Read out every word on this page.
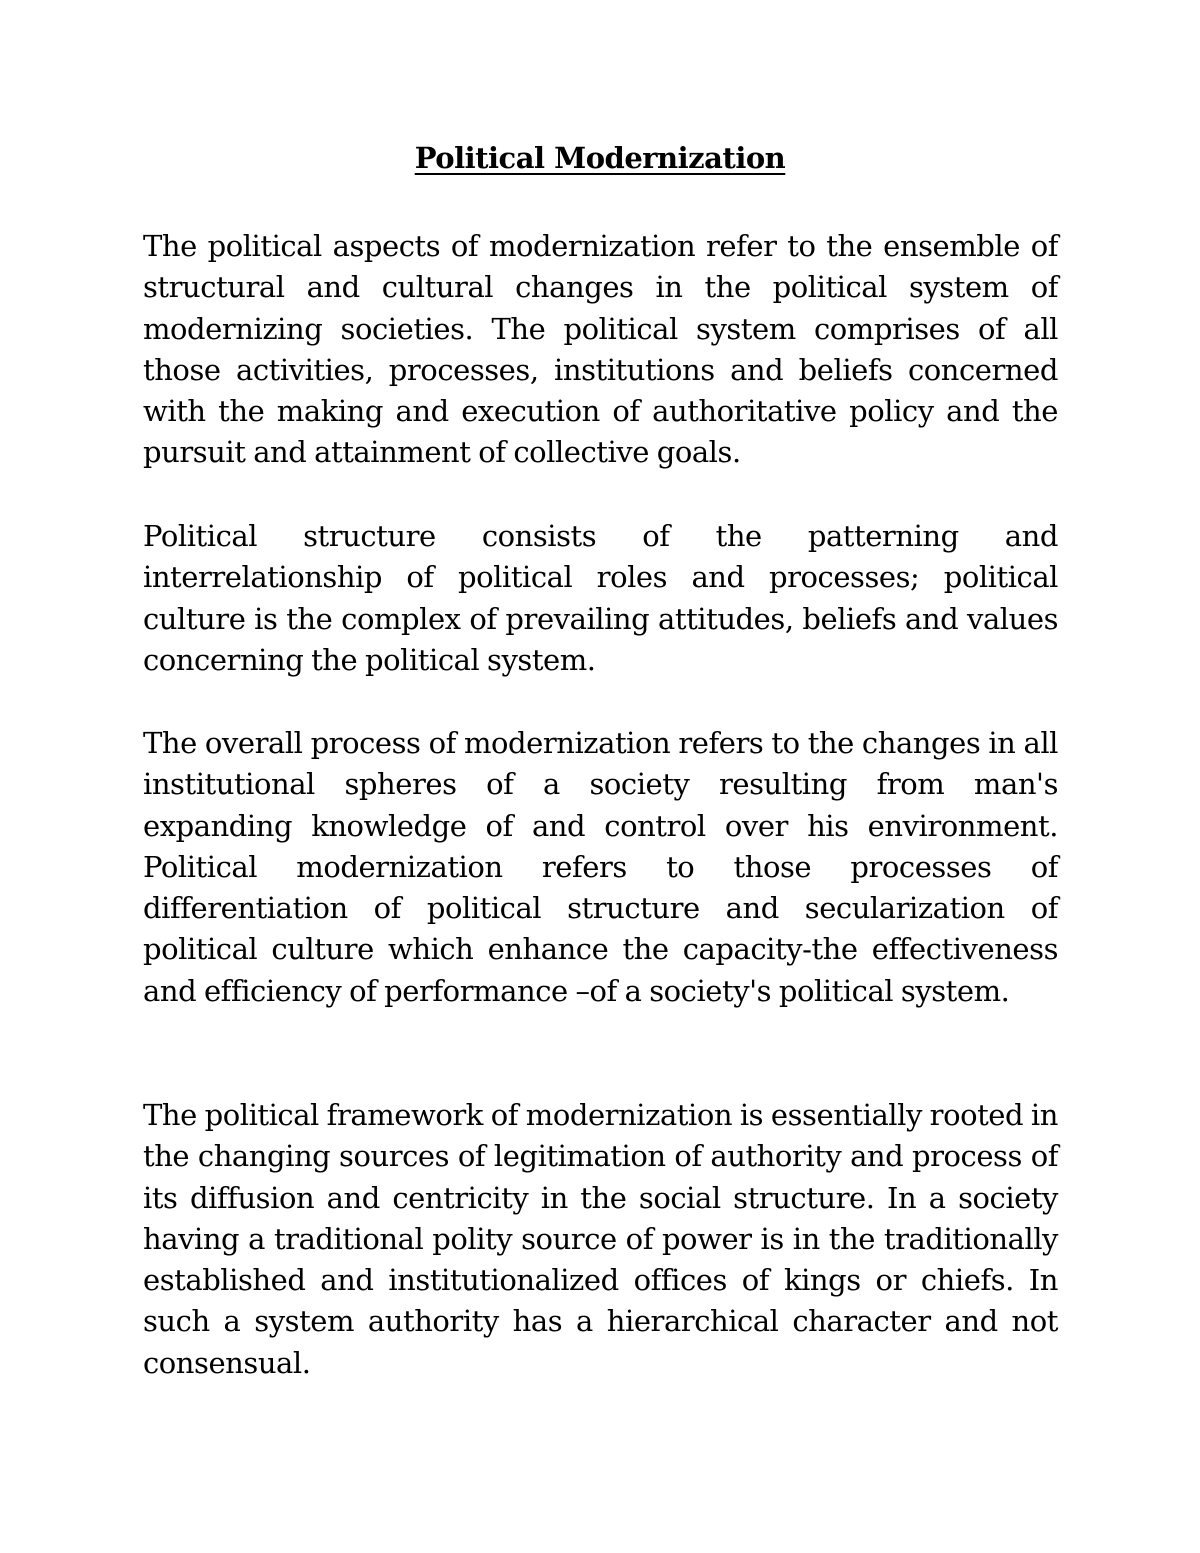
Political Modernization

The political aspects of modernization refer to the ensemble of structural and cultural changes in the political system of modernizing societies. The political system comprises of all those activities, processes, institutions and beliefs concerned with the making and execution of authoritative policy and the pursuit and attainment of collective goals.

Political structure consists of the patterning and interrelationship of political roles and processes; political culture is the complex of prevailing attitudes, beliefs and values concerning the political system.

The overall process of modernization refers to the changes in all institutional spheres of a society resulting from man's expanding knowledge of and control over his environment. Political modernization refers to those processes of differentiation of political structure and secularization of political culture which enhance the capacity-the effectiveness and efficiency of performance –of a society's political system.

The political framework of modernization is essentially rooted in the changing sources of legitimation of authority and process of its diffusion and centricity in the social structure. In a society having a traditional polity source of power is in the traditionally established and institutionalized offices of kings or chiefs. In such a system authority has a hierarchical character and not consensual.
